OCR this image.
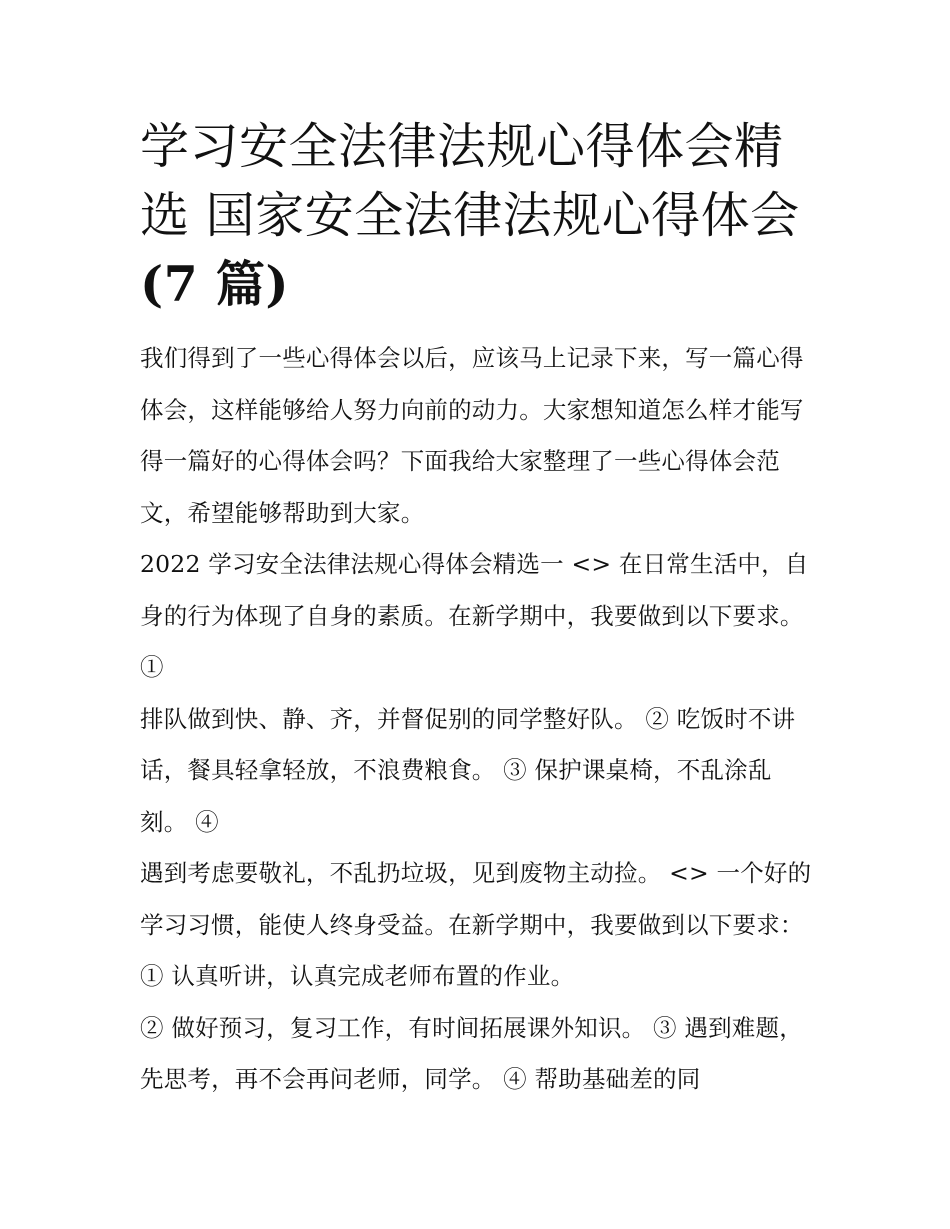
学习安全法律法规心得体会精
选 国家安全法律法规心得体会
(7 篇)

我们得到了一些心得体会以后，应该马上记录下来，写一篇心得体会，这样能够给人努力向前的动力。大家想知道怎么样才能写得一篇好的心得体会吗？下面我给大家整理了一些心得体会范文，希望能够帮助到大家。

2022 学习安全法律法规心得体会精选一 <> 在日常生活中，自身的行为体现了自身的素质。在新学期中，我要做到以下要求。 ①

排队做到快、静、齐，并督促别的同学整好队。 ② 吃饭时不讲话，餐具轻拿轻放，不浪费粮食。 ③ 保护课桌椅，不乱涂乱刻。 ④

遇到考虑要敬礼，不乱扔垃圾，见到废物主动捡。 <> 一个好的学习习惯，能使人终身受益。在新学期中，我要做到以下要求： ① 认真听讲，认真完成老师布置的作业。

② 做好预习，复习工作，有时间拓展课外知识。 ③ 遇到难题，先思考，再不会再问老师，同学。 ④ 帮助基础差的同
